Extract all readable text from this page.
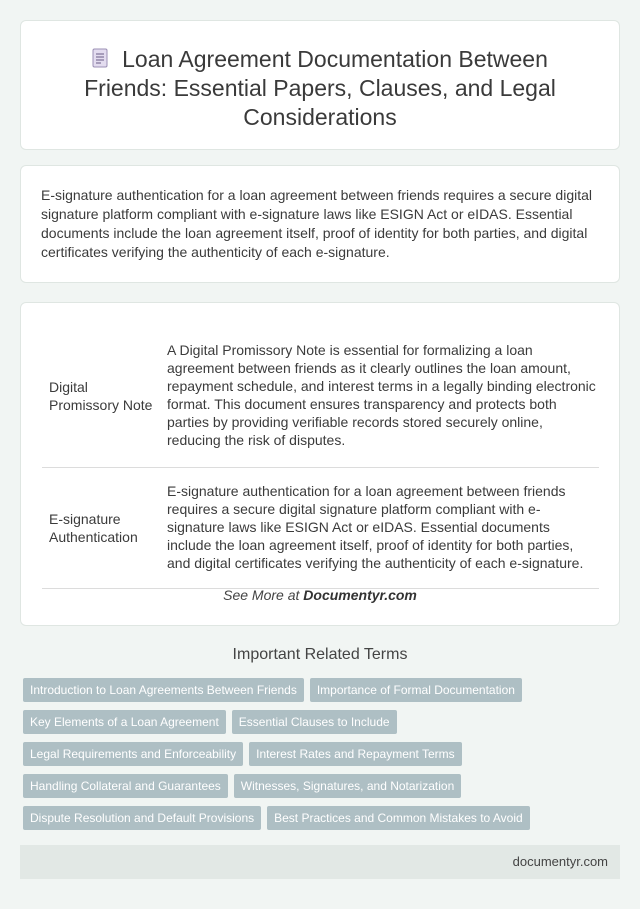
Loan Agreement Documentation Between Friends: Essential Papers, Clauses, and Legal Considerations

E-signature authentication for a loan agreement between friends requires a secure digital signature platform compliant with e-signature laws like ESIGN Act or eIDAS. Essential documents include the loan agreement itself, proof of identity for both parties, and digital certificates verifying the authenticity of each e-signature.

Digital Promissory Note	A Digital Promissory Note is essential for formalizing a loan agreement between friends as it clearly outlines the loan amount, repayment schedule, and interest terms in a legally binding electronic format. This document ensures transparency and protects both parties by providing verifiable records stored securely online, reducing the risk of disputes.
E-signature Authentication	E-signature authentication for a loan agreement between friends requires a secure digital signature platform compliant with e-signature laws like ESIGN Act or eIDAS. Essential documents include the loan agreement itself, proof of identity for both parties, and digital certificates verifying the authenticity of each e-signature.
See More at Documentyr.com
Important Related Terms
Introduction to Loan Agreements Between Friends Importance of Formal Documentation
Key Elements of a Loan Agreement Essential Clauses to Include
Legal Requirements and Enforceability Interest Rates and Repayment Terms
Handling Collateral and Guarantees Witnesses, Signatures, and Notarization
Dispute Resolution and Default Provisions Best Practices and Common Mistakes to Avoid
documentyr.com
